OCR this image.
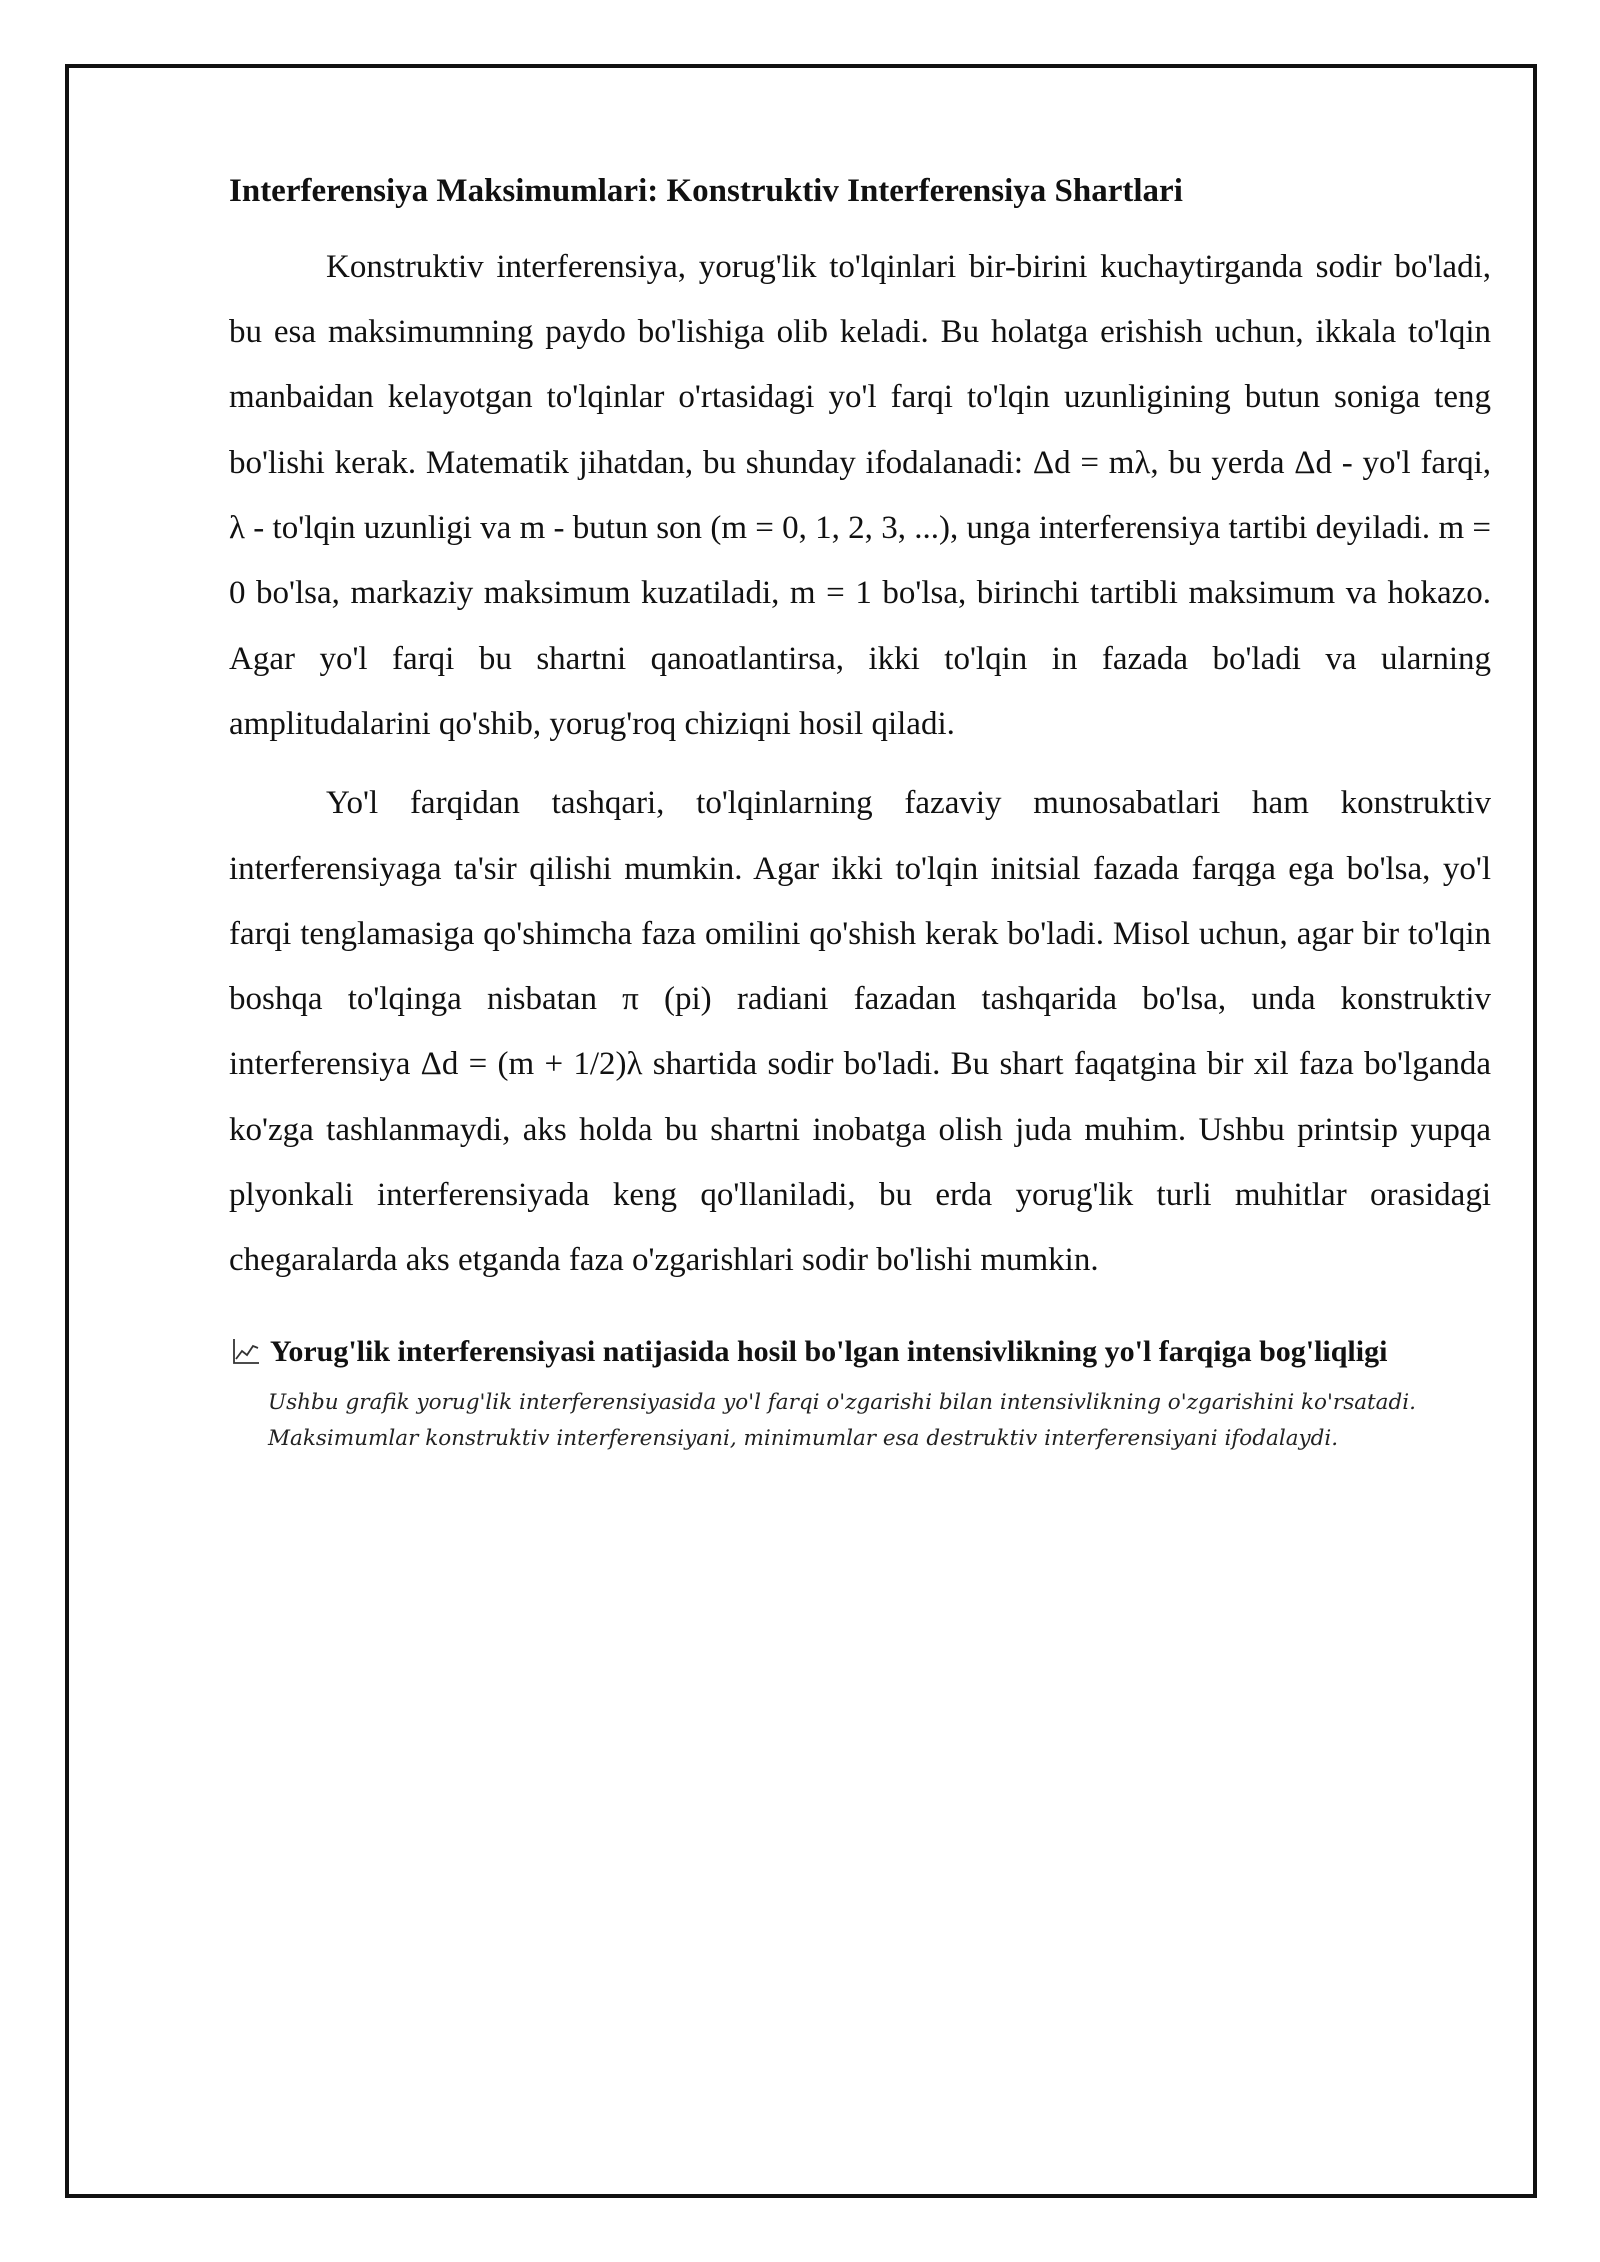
Interferensiya Maksimumlari: Konstruktiv Interferensiya Shartlari

Konstruktiv interferensiya, yorug'lik to'lqinlari bir-birini kuchaytirganda sodir bo'ladi, bu esa maksimumning paydo bo'lishiga olib keladi. Bu holatga erishish uchun, ikkala to'lqin manbaidan kelayotgan to'lqinlar o'rtasidagi yo'l farqi to'lqin uzunligining butun soniga teng bo'lishi kerak. Matematik jihatdan, bu shunday ifodalanadi: Δd = mλ, bu yerda Δd - yo'l farqi, λ - to'lqin uzunligi va m - butun son (m = 0, 1, 2, 3, ...), unga interferensiya tartibi deyiladi. m = 0 bo'lsa, markaziy maksimum kuzatiladi, m = 1 bo'lsa, birinchi tartibli maksimum va hokazo. Agar yo'l farqi bu shartni qanoatlantirsa, ikki to'lqin in fazada bo'ladi va ularning amplitudalarini qo'shib, yorug'roq chiziqni hosil qiladi.

Yo'l farqidan tashqari, to'lqinlarning fazaviy munosabatlari ham konstruktiv interferensiyaga ta'sir qilishi mumkin. Agar ikki to'lqin initsial fazada farqga ega bo'lsa, yo'l farqi tenglamasiga qo'shimcha faza omilini qo'shish kerak bo'ladi. Misol uchun, agar bir to'lqin boshqa to'lqinga nisbatan π (pi) radiani fazadan tashqarida bo'lsa, unda konstruktiv interferensiya Δd = (m + 1/2)λ shartida sodir bo'ladi. Bu shart faqatgina bir xil faza bo'lganda ko'zga tashlanmaydi, aks holda bu shartni inobatga olish juda muhim. Ushbu printsip yupqa plyonkali interferensiyada keng qo'llaniladi, bu erda yorug'lik turli muhitlar orasidagi chegaralarda aks etganda faza o'zgarishlari sodir bo'lishi mumkin.

Yorug'lik interferensiyasi natijasida hosil bo'lgan intensivlikning yo'l farqiga bog'liqligi
Ushbu grafik yorug'lik interferensiyasida yo'l farqi o'zgarishi bilan intensivlikning o'zgarishini ko'rsatadi.
Maksimumlar konstruktiv interferensiyani, minimumlar esa destruktiv interferensiyani ifodalaydi.
